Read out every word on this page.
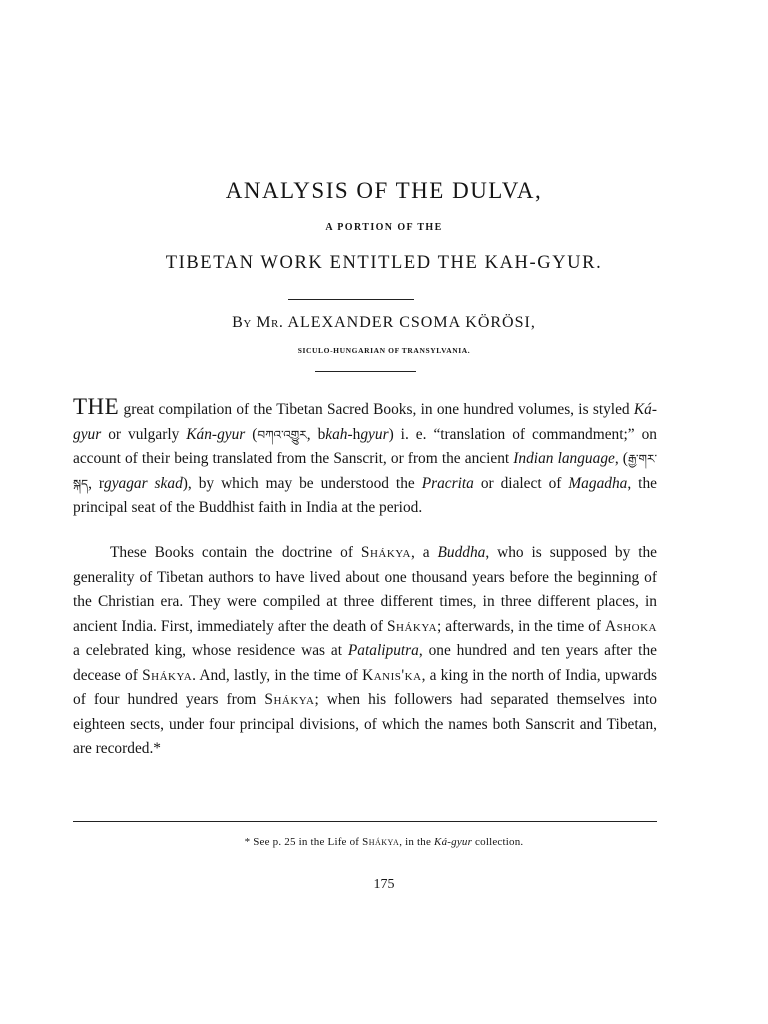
ANALYSIS OF THE DULVA,
A PORTION OF THE
TIBETAN WORK ENTITLED THE KAH-GYUR.
By Mr. ALEXANDER CSOMA KÖRÖSI,
SICULO-HUNGARIAN OF TRANSYLVANIA.
THE great compilation of the Tibetan Sacred Books, in one hundred volumes, is styled Ká-gyur or vulgarly Kán-gyur (བཀའ་འགྱུར, bkah-hgyur) i. e. “translation of commandment;” on account of their being translated from the Sanscrit, or from the ancient Indian language, (རྒྱ་གར་སྐད, rgyagar skad), by which may be understood the Pracrita or dialect of Magadha, the principal seat of the Buddhist faith in India at the period.
These Books contain the doctrine of Shákya, a Buddha, who is supposed by the generality of Tibetan authors to have lived about one thousand years before the beginning of the Christian era. They were compiled at three different times, in three different places, in ancient India. First, immediately after the death of Shákya; afterwards, in the time of Ashoka a celebrated king, whose residence was at Pataliputra, one hundred and ten years after the decease of Shákya. And, lastly, in the time of Kanis'ka, a king in the north of India, upwards of four hundred years from Shákya; when his followers had separated themselves into eighteen sects, under four principal divisions, of which the names both Sanscrit and Tibetan, are recorded.*
* See p. 25 in the Life of Shákya, in the Ká-gyur collection.
175
